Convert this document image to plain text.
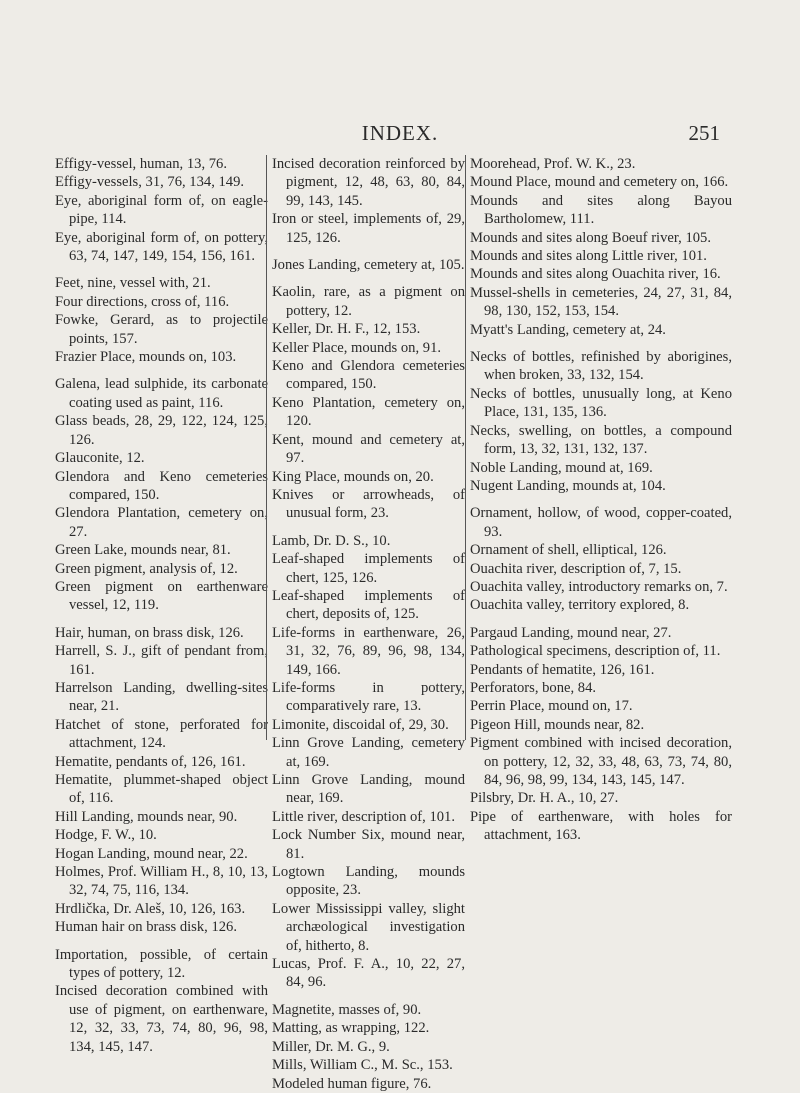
INDEX.	251
Effigy-vessel, human, 13, 76.
Effigy-vessels, 31, 76, 134, 149.
Eye, aboriginal form of, on eagle-pipe, 114.
Eye, aboriginal form of, on pottery, 63, 74, 147, 149, 154, 156, 161.
Feet, nine, vessel with, 21.
Four directions, cross of, 116.
Fowke, Gerard, as to projectile points, 157.
Frazier Place, mounds on, 103.
Galena, lead sulphide, its carbonate coating used as paint, 116.
Glass beads, 28, 29, 122, 124, 125, 126.
Glauconite, 12.
Glendora and Keno cemeteries compared, 150.
Glendora Plantation, cemetery on, 27.
Green Lake, mounds near, 81.
Green pigment, analysis of, 12.
Green pigment on earthenware vessel, 12, 119.
Hair, human, on brass disk, 126.
Harrell, S. J., gift of pendant from, 161.
Harrelson Landing, dwelling-sites near, 21.
Hatchet of stone, perforated for attachment, 124.
Hematite, pendants of, 126, 161.
Hematite, plummet-shaped object of, 116.
Hill Landing, mounds near, 90.
Hodge, F. W., 10.
Hogan Landing, mound near, 22.
Holmes, Prof. William H., 8, 10, 13, 32, 74, 75, 116, 134.
Hrdlička, Dr. Aleš, 10, 126, 163.
Human hair on brass disk, 126.
Importation, possible, of certain types of pottery, 12.
Incised decoration combined with use of pigment, on earthenware, 12, 32, 33, 73, 74, 80, 96, 98, 134, 145, 147.
Incised decoration reinforced by pigment, 12, 48, 63, 80, 84, 99, 143, 145.
Iron or steel, implements of, 29, 125, 126.
Jones Landing, cemetery at, 105.
Kaolin, rare, as a pigment on pottery, 12.
Keller, Dr. H. F., 12, 153.
Keller Place, mounds on, 91.
Keno and Glendora cemeteries compared, 150.
Keno Plantation, cemetery on, 120.
Kent, mound and cemetery at, 97.
King Place, mounds on, 20.
Knives or arrowheads, of unusual form, 23.
Lamb, Dr. D. S., 10.
Leaf-shaped implements of chert, 125, 126.
Leaf-shaped implements of chert, deposits of, 125.
Life-forms in earthenware, 26, 31, 32, 76, 89, 96, 98, 134, 149, 166.
Life-forms in pottery, comparatively rare, 13.
Limonite, discoidal of, 29, 30.
Linn Grove Landing, cemetery at, 169.
Linn Grove Landing, mound near, 169.
Little river, description of, 101.
Lock Number Six, mound near, 81.
Logtown Landing, mounds opposite, 23.
Lower Mississippi valley, slight archæological investigation of, hitherto, 8.
Lucas, Prof. F. A., 10, 22, 27, 84, 96.
Magnetite, masses of, 90.
Matting, as wrapping, 122.
Miller, Dr. M. G., 9.
Mills, William C., M. Sc., 153.
Modeled human figure, 76.
Moorehead, Prof. W. K., 23.
Mound Place, mound and cemetery on, 166.
Mounds and sites along Bayou Bartholomew, 111.
Mounds and sites along Boeuf river, 105.
Mounds and sites along Little river, 101.
Mounds and sites along Ouachita river, 16.
Mussel-shells in cemeteries, 24, 27, 31, 84, 98, 130, 152, 153, 154.
Myatt's Landing, cemetery at, 24.
Necks of bottles, refinished by aborigines, when broken, 33, 132, 154.
Necks of bottles, unusually long, at Keno Place, 131, 135, 136.
Necks, swelling, on bottles, a compound form, 13, 32, 131, 132, 137.
Noble Landing, mound at, 169.
Nugent Landing, mounds at, 104.
Ornament, hollow, of wood, copper-coated, 93.
Ornament of shell, elliptical, 126.
Ouachita river, description of, 7, 15.
Ouachita valley, introductory remarks on, 7.
Ouachita valley, territory explored, 8.
Pargaud Landing, mound near, 27.
Pathological specimens, description of, 11.
Pendants of hematite, 126, 161.
Perforators, bone, 84.
Perrin Place, mound on, 17.
Pigeon Hill, mounds near, 82.
Pigment combined with incised decoration, on pottery, 12, 32, 33, 48, 63, 73, 74, 80, 84, 96, 98, 99, 134, 143, 145, 147.
Pilsbry, Dr. H. A., 10, 27.
Pipe of earthenware, with holes for attachment, 163.
